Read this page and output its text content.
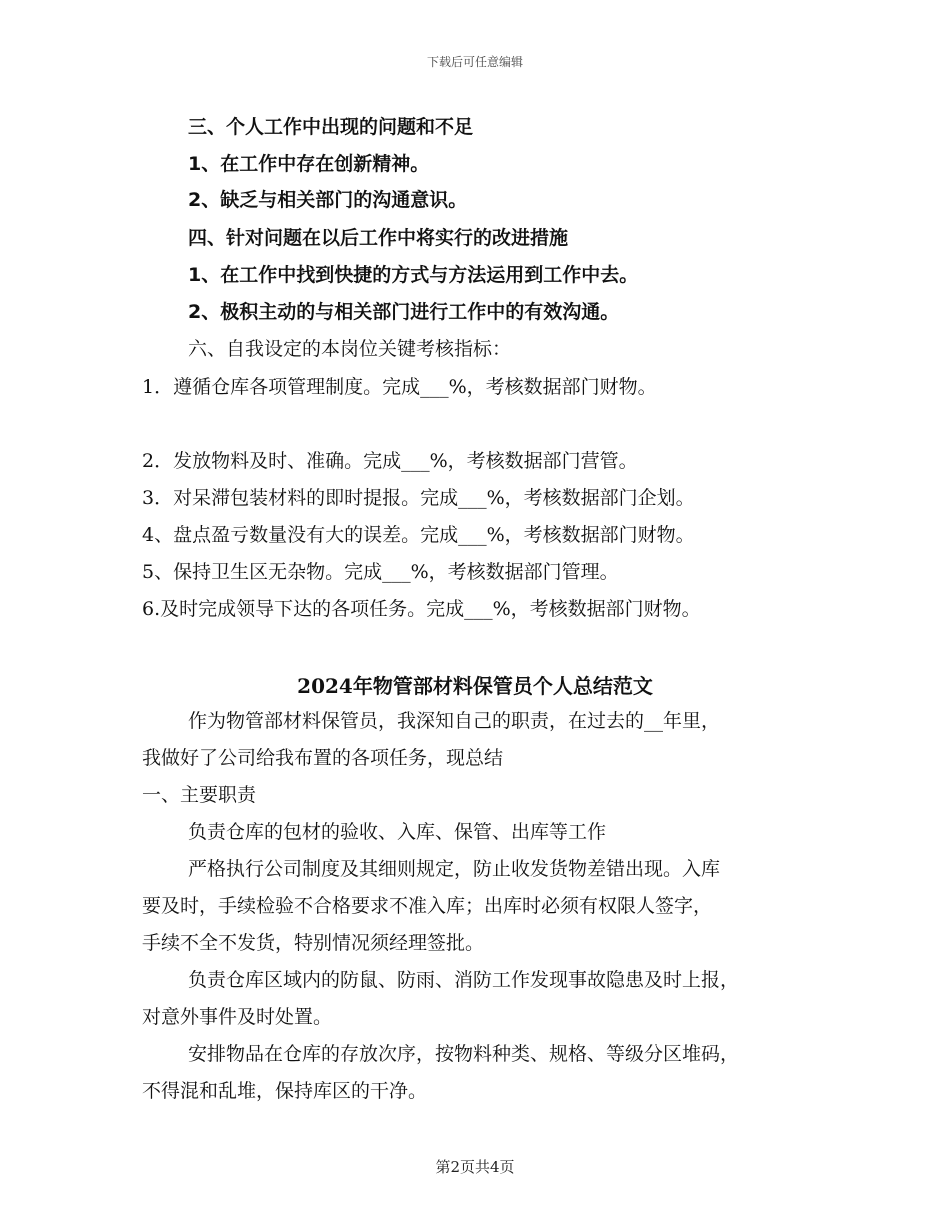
下载后可任意编辑
三、个人工作中出现的问题和不足
1、在工作中存在创新精神。
2、缺乏与相关部门的沟通意识。
四、针对问题在以后工作中将实行的改进措施
1、在工作中找到快捷的方式与方法运用到工作中去。
2、极积主动的与相关部门进行工作中的有效沟通。
六、自我设定的本岗位关键考核指标：
1．遵循仓库各项管理制度。完成___%，考核数据部门财物。
2．发放物料及时、准确。完成___%，考核数据部门营管。
3．对呆滞包装材料的即时提报。完成___%，考核数据部门企划。
4、盘点盈亏数量没有大的误差。完成___%，考核数据部门财物。
5、保持卫生区无杂物。完成___%，考核数据部门管理。
6.及时完成领导下达的各项任务。完成___%，考核数据部门财物。
2024年物管部材料保管员个人总结范文
作为物管部材料保管员，我深知自己的职责，在过去的__年里，
我做好了公司给我布置的各项任务，现总结
一、主要职责
负责仓库的包材的验收、入库、保管、出库等工作
严格执行公司制度及其细则规定，防止收发货物差错出现。入库
要及时，手续检验不合格要求不准入库；出库时必须有权限人签字，
手续不全不发货，特别情况须经理签批。
负责仓库区域内的防鼠、防雨、消防工作发现事故隐患及时上报，
对意外事件及时处置。
安排物品在仓库的存放次序，按物料种类、规格、等级分区堆码，
不得混和乱堆，保持库区的干净。
第2页共4页
